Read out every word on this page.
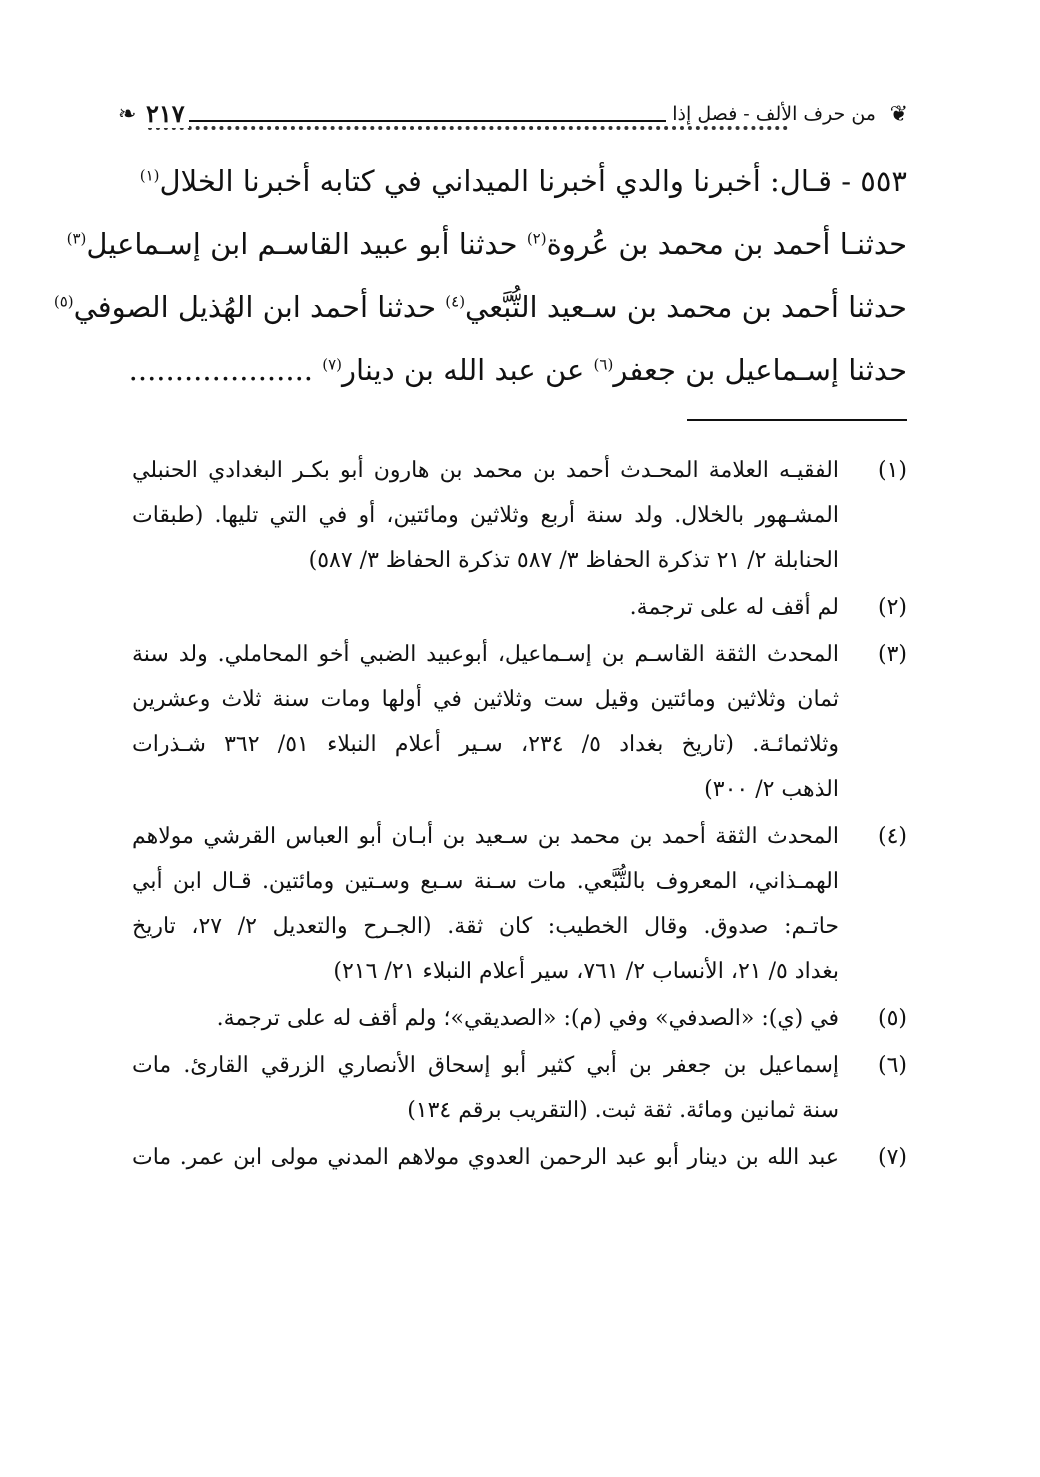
❦
❧	من حرف الألف - فصل إذا
٢١٧

٥٥٣ - قـال: أخبرنا والدي أخبرنا الميداني في كتابه أخبرنا الخلال$^{(١)}$

حدثنـا أحمد بن محمد بن عُروة$^{(٢)}$ حدثنا أبو عبيد القاسـم ابن إسـماعيل$^{(٣)}$

حدثنا أحمد بن محمد بن سـعيد التُّبَّعي$^{(٤)}$ حدثنا أحمد ابن الهُذيل الصوفي$^{(٥)}$

حدثنا إسـماعيل بن جعفر$^{(٦)}$ عن عبد الله بن دينار$^{(٧)}$ ....................

(١)
الفقيـه العلامة المحـدث أحمد بن محمد بن هارون أبو بكـر البغدادي الحنبلي
المشـهور بالخلال. ولد سنة أربع وثلاثين ومائتين، أو في التي تليها. (طبقات
الحنابلة ٢/ ٢١ تذكرة الحفاظ ٣/ ٥٨٧ تذكرة الحفاظ ٣/ ٥٨٧)
(٢)
لم أقف له على ترجمة.
(٣)
المحدث الثقة القاسـم بن إسـماعيل، أبوعبيد الضبي أخو المحاملي. ولد سنة
ثمان وثلاثين ومائتين وقيل ست وثلاثين في أولها ومات سنة ثلاث وعشرين
وثلاثمائـة. (تاريخ بغداد ٥/ ٢٣٤، سـير أعلام النبلاء ٥١/ ٣٦٢ شـذرات
الذهب ٢/ ٣٠٠)
(٤)
المحدث الثقة أحمد بن محمد بن سـعيد بن أبـان أبو العباس القرشي مولاهم
الهمـذاني، المعروف بالتُّبَّعي. مات سـنة سـبع وسـتين ومائتين. قـال ابن أبي
حاتـم: صدوق. وقال الخطيب: كان ثقة. (الجـرح والتعديل ٢/ ٢٧، تاريخ
بغداد ٥/ ٢١، الأنساب ٢/ ٧٦١، سير أعلام النبلاء ٢١/ ٢١٦)
(٥)
في (ي): «الصدفي» وفي (م): «الصديقي»؛ ولم أقف له على ترجمة.
(٦)
إسماعيل بن جعفر بن أبي كثير أبو إسحاق الأنصاري الزرقي القارئ. مات
سنة ثمانين ومائة. ثقة ثبت. (التقريب برقم ١٣٤)
(٧)
عبد الله بن دينار أبو عبد الرحمن العدوي مولاهم المدني مولى ابن عمر. مات
